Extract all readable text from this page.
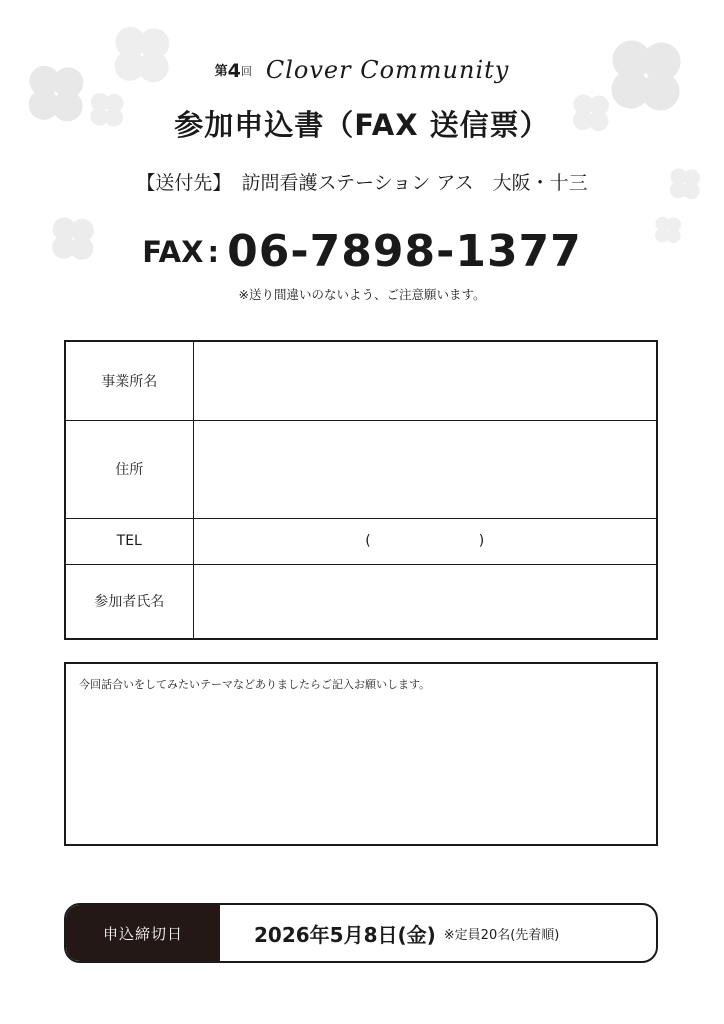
第4回 Clover Community
参加申込書（FAX 送信票）
【送付先】 訪問看護ステーション アス　大阪・十三
FAX : 06-7898-1377
※送り間違いのないよう、ご注意願います。
事業所名	
住所	
TEL	( )

参加者氏名	
今回話合いをしてみたいテーマなどありましたらご記入お願いします。
申込締切日	2026年5月8日(金) ※定員20名(先着順)
